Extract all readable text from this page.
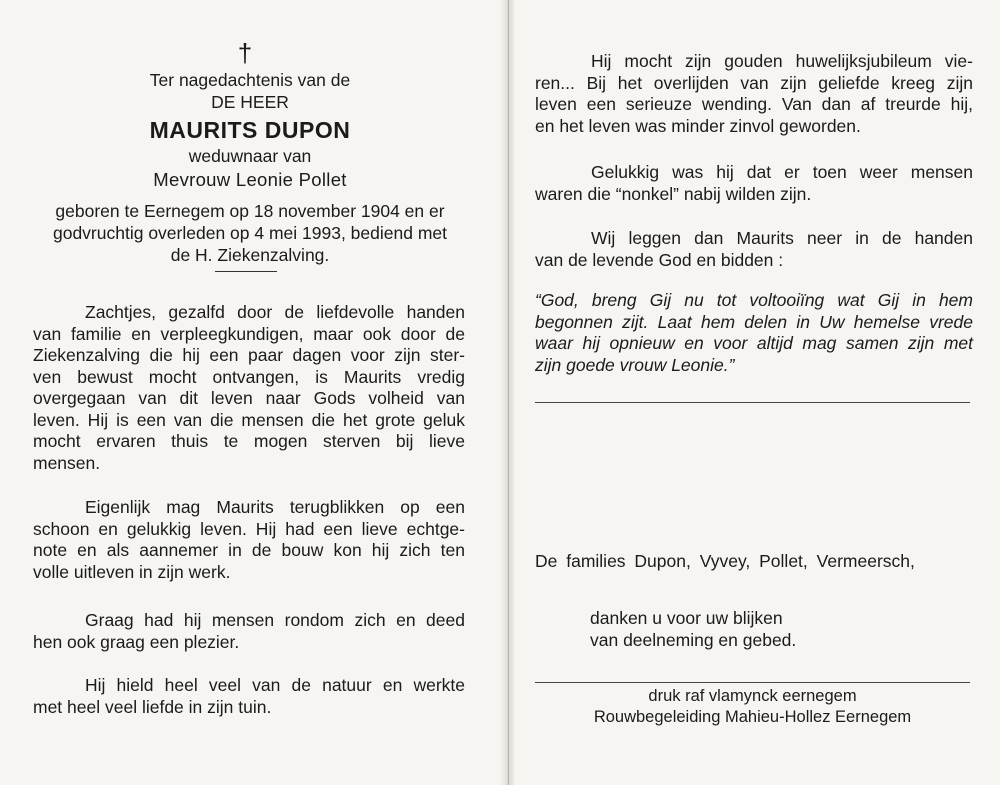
†
Ter nagedachtenis van de
DE HEER
MAURITS DUPON
weduwnaar van
Mevrouw Leonie Pollet
geboren te Eernegem op 18 november 1904 en er
godvruchtig overleden op 4 mei 1993, bediend met
de H. Ziekenzalving.

Zachtjes, gezalfd door de liefdevolle handen

van familie en verpleegkundigen, maar ook door de

Ziekenzalving die hij een paar dagen voor zijn ster-

ven bewust mocht ontvangen, is Maurits vredig

overgegaan van dit leven naar Gods volheid van

leven. Hij is een van die mensen die het grote geluk

mocht ervaren thuis te mogen sterven bij lieve

mensen.

Eigenlijk mag Maurits terugblikken op een

schoon en gelukkig leven. Hij had een lieve echtge-

note en als aannemer in de bouw kon hij zich ten

volle uitleven in zijn werk.

Graag had hij mensen rondom zich en deed

hen ook graag een plezier.

Hij hield heel veel van de natuur en werkte

met heel veel liefde in zijn tuin.

Hij mocht zijn gouden huwelijksjubileum vie-

ren... Bij het overlijden van zijn geliefde kreeg zijn

leven een serieuze wending. Van dan af treurde hij,

en het leven was minder zinvol geworden.

Gelukkig was hij dat er toen weer mensen

waren die “nonkel” nabij wilden zijn.

Wij leggen dan Maurits neer in de handen

van de levende God en bidden :

“God, breng Gij nu tot voltooiïng wat Gij in hem

begonnen zijt. Laat hem delen in Uw hemelse vrede

waar hij opnieuw en voor altijd mag samen zijn met

zijn goede vrouw Leonie.”

De families Dupon, Vyvey, Pollet, Vermeersch,
danken u voor uw blijken
van deelneming en gebed.
druk raf vlamynck eernegem
Rouwbegeleiding Mahieu-Hollez Eernegem
